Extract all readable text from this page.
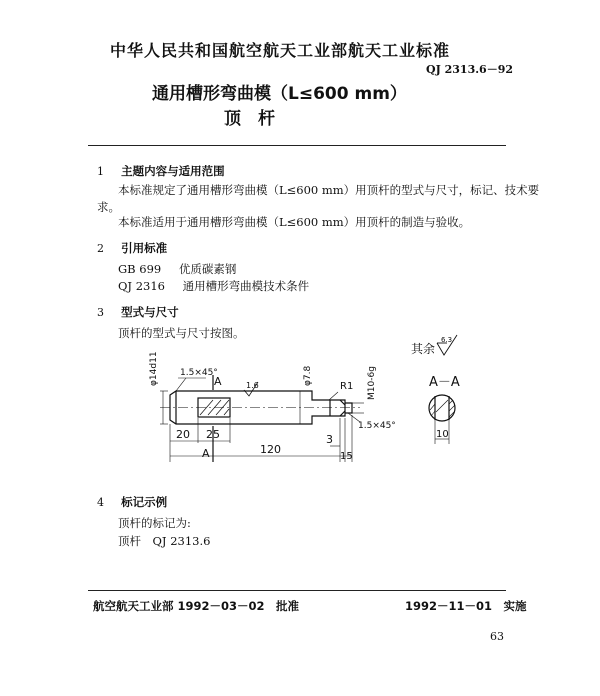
中华人民共和国航空航天工业部航天工业标准
QJ 2313.6－92
通用槽形弯曲模（L≤600 mm）
顶　杆
1 主题内容与适用范围
本标准规定了通用槽形弯曲模（L≤600 mm）用顶杆的型式与尺寸，标记、技术要
求。
本标准适用于通用槽形弯曲模（L≤600 mm）用顶杆的制造与验收。
2 引用标准
GB 699 优质碳素钢
QJ 2316 通用槽形弯曲模技术条件
3 型式与尺寸
顶杆的型式与尺寸按图。
φ14d11 1.5×45°
A	1.6	φ7.8
R1 M10-6g
1.5×45°
20 25
120
3
15
A
其余
6.3
A－A
10
4 标记示例
顶杆的标记为:
顶杆　QJ 2313.6
航空航天工业部 1992－03－02　批准	1992－11－01　实施
63
